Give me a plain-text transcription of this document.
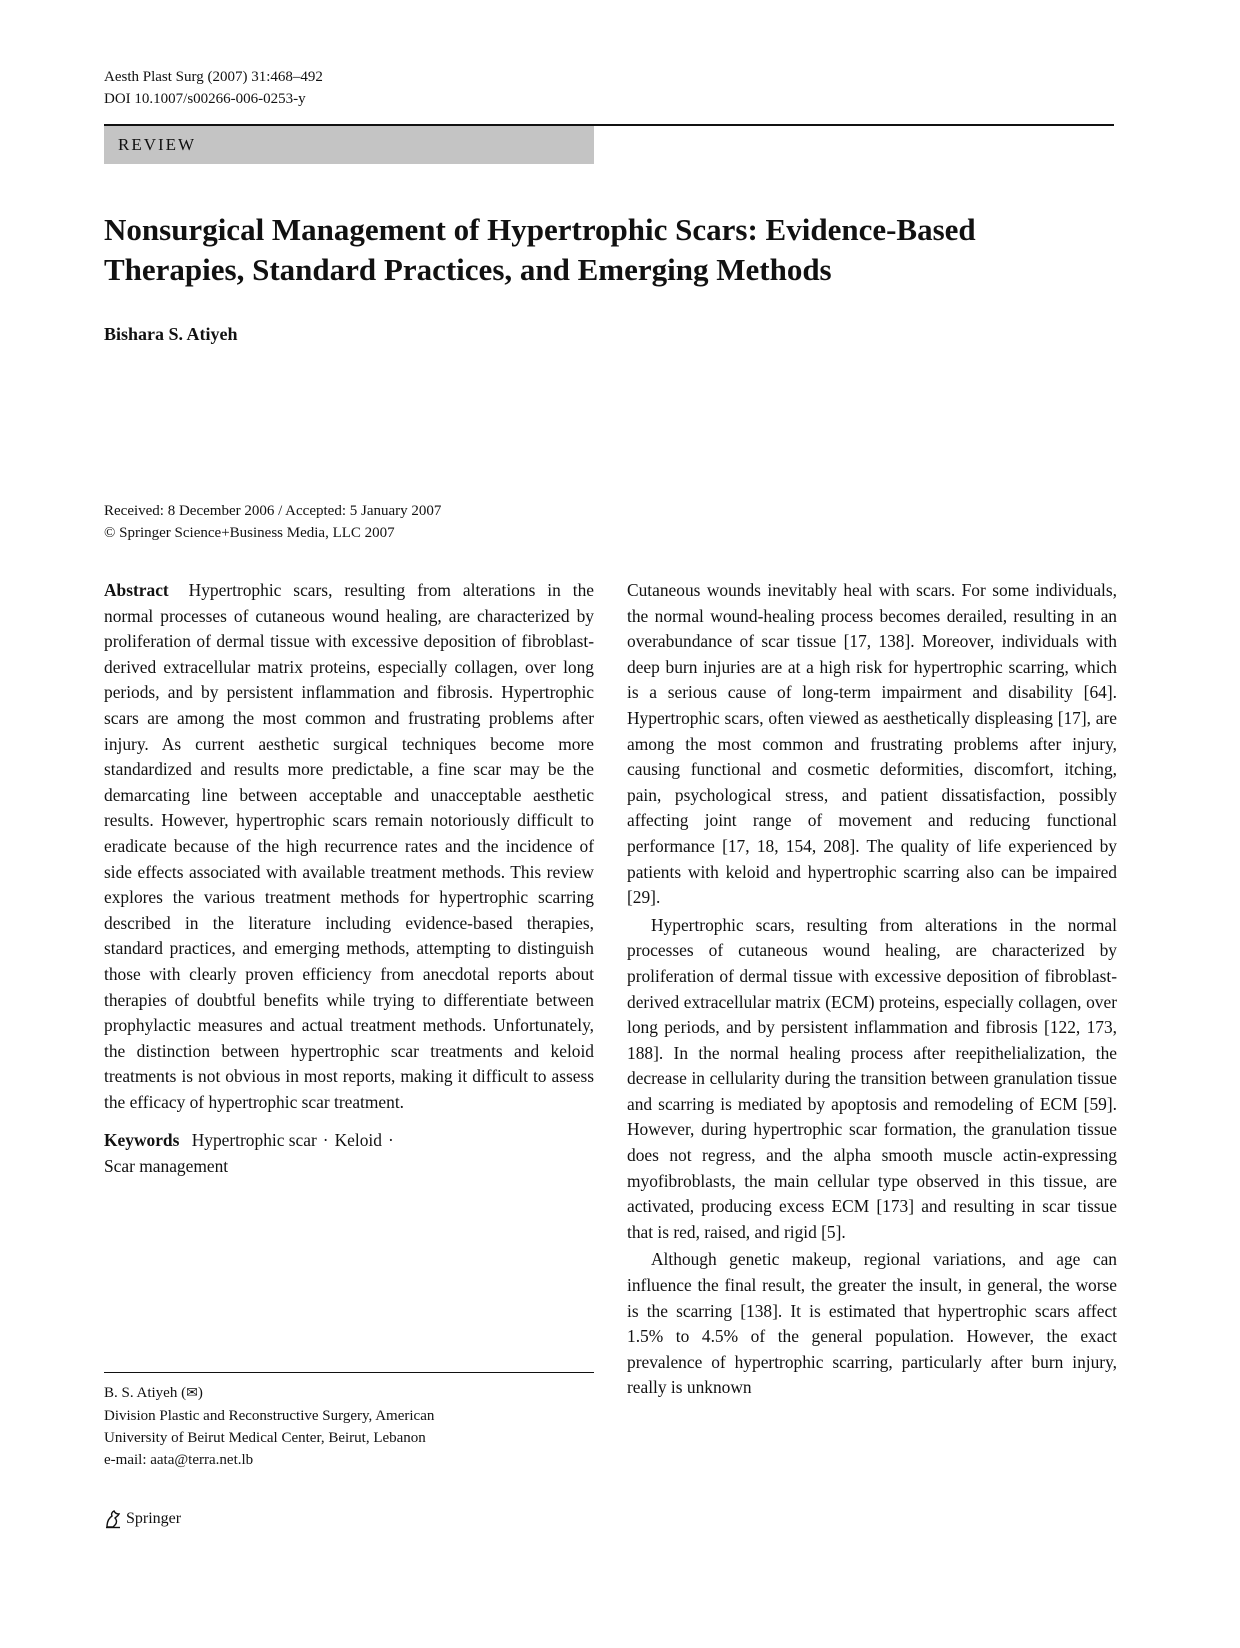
Aesth Plast Surg (2007) 31:468–492
DOI 10.1007/s00266-006-0253-y
REVIEW
Nonsurgical Management of Hypertrophic Scars: Evidence-Based
Therapies, Standard Practices, and Emerging Methods
Bishara S. Atiyeh
Received: 8 December 2006 / Accepted: 5 January 2007
© Springer Science+Business Media, LLC 2007

Abstract Hypertrophic scars, resulting from alterations in the normal processes of cutaneous wound healing, are characterized by proliferation of dermal tissue with excessive deposition of fibroblast-derived extracellular matrix proteins, especially collagen, over long periods, and by persistent inflammation and fibrosis. Hypertrophic scars are among the most common and frustrating problems after injury. As current aesthetic surgical techniques become more standardized and results more predictable, a fine scar may be the demarcating line between acceptable and unacceptable aesthetic results. However, hypertrophic scars remain notoriously difficult to eradicate because of the high recurrence rates and the incidence of side effects associated with available treatment methods. This review explores the various treatment methods for hypertrophic scarring described in the literature including evidence-based therapies, standard practices, and emerging methods, attempting to distinguish those with clearly proven efficiency from anecdotal reports about therapies of doubtful benefits while trying to differentiate between prophylactic measures and actual treatment methods. Unfortunately, the distinction between hypertrophic scar treatments and keloid treatments is not obvious in most reports, making it difficult to assess the efficacy of hypertrophic scar treatment.

Keywords Hypertrophic scar · Keloid ·
Scar management

B. S. Atiyeh (✉)
Division Plastic and Reconstructive Surgery, American
University of Beirut Medical Center, Beirut, Lebanon
e-mail: aata@terra.net.lb

Cutaneous wounds inevitably heal with scars. For some individuals, the normal wound-healing process becomes derailed, resulting in an overabundance of scar tissue [17, 138]. Moreover, individuals with deep burn injuries are at a high risk for hypertrophic scarring, which is a serious cause of long-term impairment and disability [64]. Hypertrophic scars, often viewed as aesthetically displeasing [17], are among the most common and frustrating problems after injury, causing functional and cosmetic deformities, discomfort, itching, pain, psychological stress, and patient dissatisfaction, possibly affecting joint range of movement and reducing functional performance [17, 18, 154, 208]. The quality of life experienced by patients with keloid and hypertrophic scarring also can be impaired [29].

Hypertrophic scars, resulting from alterations in the normal processes of cutaneous wound healing, are characterized by proliferation of dermal tissue with excessive deposition of fibroblast-derived extracellular matrix (ECM) proteins, especially collagen, over long periods, and by persistent inflammation and fibrosis [122, 173, 188]. In the normal healing process after reepithelialization, the decrease in cellularity during the transition between granulation tissue and scarring is mediated by apoptosis and remodeling of ECM [59]. However, during hypertrophic scar formation, the granulation tissue does not regress, and the alpha smooth muscle actin-expressing myofibroblasts, the main cellular type observed in this tissue, are activated, producing excess ECM [173] and resulting in scar tissue that is red, raised, and rigid [5].

Although genetic makeup, regional variations, and age can influence the final result, the greater the insult, in general, the worse is the scarring [138]. It is estimated that hypertrophic scars affect 1.5% to 4.5% of the general population. However, the exact prevalence of hypertrophic scarring, particularly after burn injury, really is unknown

Springer
